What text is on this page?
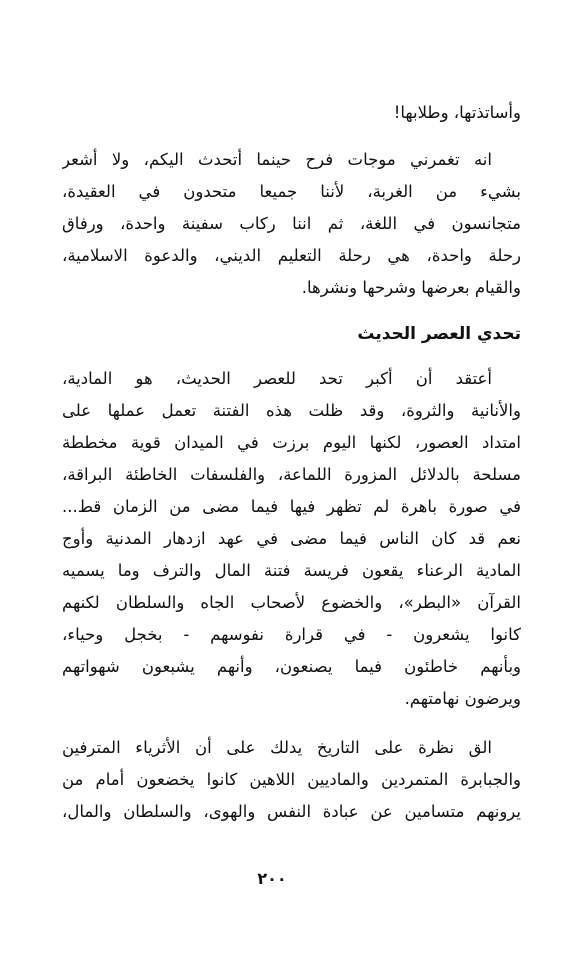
وأساتذتها، وطلابها!
انه تغمرني موجات فرح حينما أتحدث اليكم، ولا أشعر
بشيء من الغربة، لأننا جميعا متحدون في العقيدة،
متجانسون في اللغة، ثم اننا ركاب سفينة واحدة، ورفاق
رحلة واحدة، هي رحلة التعليم الديني، والدعوة الاسلامية،
والقيام بعرضها وشرحها ونشرها.
تحدي العصر الحديث
أعتقد أن أكبر تحد للعصر الحديث، هو المادية،
والأنانية والثروة، وقد ظلت هذه الفتنة تعمل عملها على
امتداد العصور، لكنها اليوم برزت في الميدان قوية مخططة
مسلحة بالدلائل المزورة اللماعة، والفلسفات الخاطئة البراقة،
في صورة باهرة لم تظهر فيها فيما مضى من الزمان قط...
نعم قد كان الناس فيما مضى في عهد ازدهار المدنية وأوج
المادية الرعناء يقعون فريسة فتنة المال والترف وما يسميه
القرآن «البطر»، والخضوع لأصحاب الجاه والسلطان لكنهم
كانوا يشعرون - في قرارة نفوسهم - بخجل وحياء،
وبأنهم خاطئون فيما يصنعون، وأنهم يشبعون شهواتهم
ويرضون نهامتهم.
الق نظرة على التاريخ يدلك على أن الأثرياء المترفين
والجبابرة المتمردين والماديين اللاهين كانوا يخضعون أمام من
يرونهم متسامين عن عبادة النفس والهوى، والسلطان والمال،
٢٠٠
